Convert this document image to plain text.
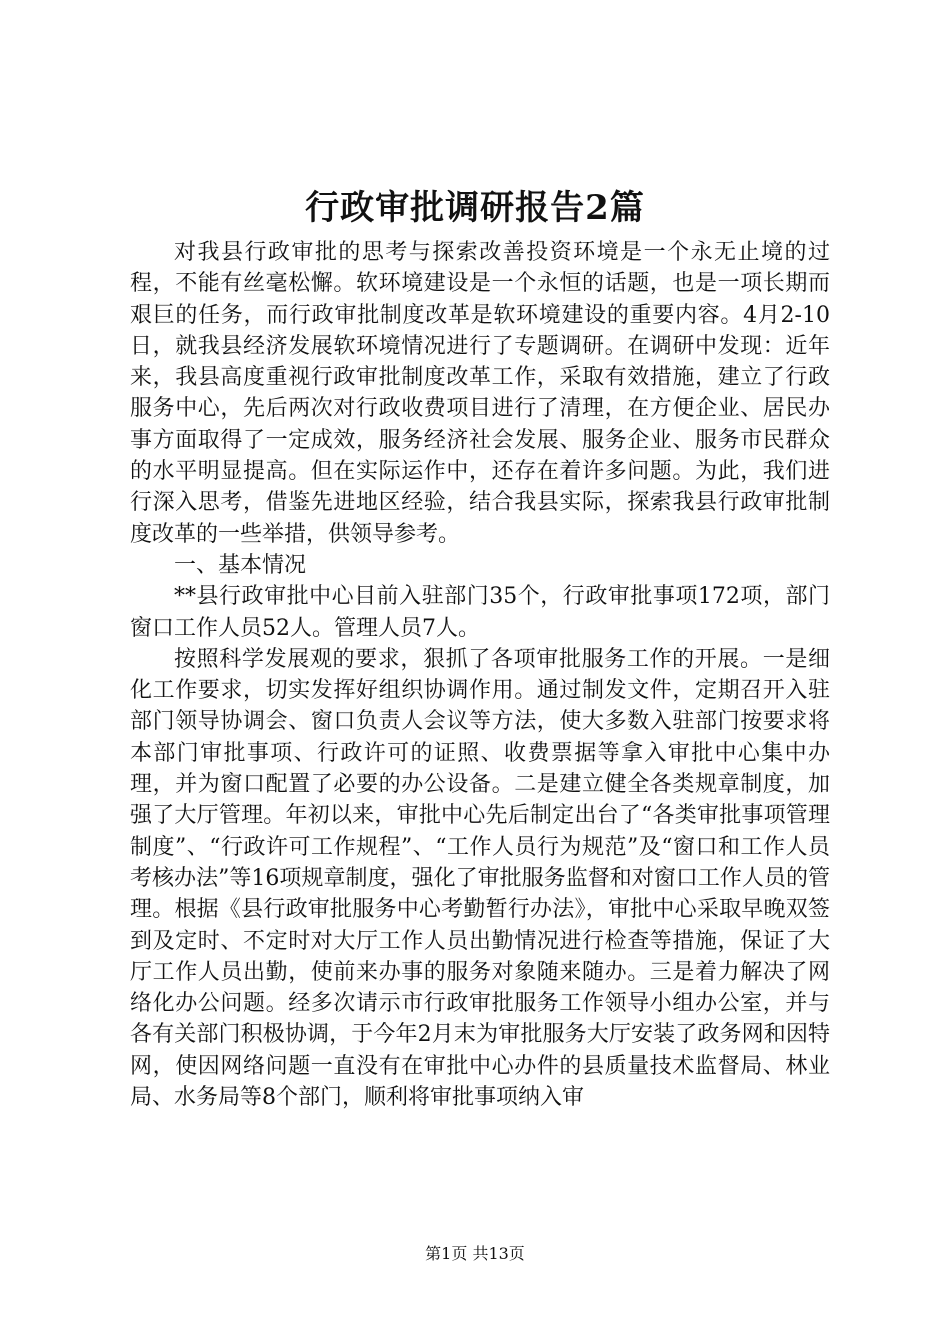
行政审批调研报告2篇

对我县行政审批的思考与探索改善投资环境是一个永无止境的过程，不能有丝毫松懈。软环境建设是一个永恒的话题，也是一项长期而艰巨的任务，而行政审批制度改革是软环境建设的重要内容。4月2-10日，就我县经济发展软环境情况进行了专题调研。在调研中发现：近年来，我县高度重视行政审批制度改革工作，采取有效措施，建立了行政服务中心，先后两次对行政收费项目进行了清理，在方便企业、居民办事方面取得了一定成效，服务经济社会发展、服务企业、服务市民群众的水平明显提高。但在实际运作中，还存在着许多问题。为此，我们进行深入思考，借鉴先进地区经验，结合我县实际，探索我县行政审批制度改革的一些举措，供领导参考。

一、基本情况

**县行政审批中心目前入驻部门35个，行政审批事项172项，部门窗口工作人员52人。管理人员7人。

按照科学发展观的要求，狠抓了各项审批服务工作的开展。一是细化工作要求，切实发挥好组织协调作用。通过制发文件，定期召开入驻部门领导协调会、窗口负责人会议等方法，使大多数入驻部门按要求将本部门审批事项、行政许可的证照、收费票据等拿入审批中心集中办理，并为窗口配置了必要的办公设备。二是建立健全各类规章制度，加强了大厅管理。年初以来，审批中心先后制定出台了“各类审批事项管理制度”、“行政许可工作规程”、“工作人员行为规范”及“窗口和工作人员考核办法”等16项规章制度，强化了审批服务监督和对窗口工作人员的管理。根据《县行政审批服务中心考勤暂行办法》，审批中心采取早晚双签到及定时、不定时对大厅工作人员出勤情况进行检查等措施，保证了大厅工作人员出勤，使前来办事的服务对象随来随办。三是着力解决了网络化办公问题。经多次请示市行政审批服务工作领导小组办公室，并与各有关部门积极协调，于今年2月末为审批服务大厅安装了政务网和因特网，使因网络问题一直没有在审批中心办件的县质量技术监督局、林业局、水务局等8个部门，顺利将审批事项纳入审

第1页 共13页
